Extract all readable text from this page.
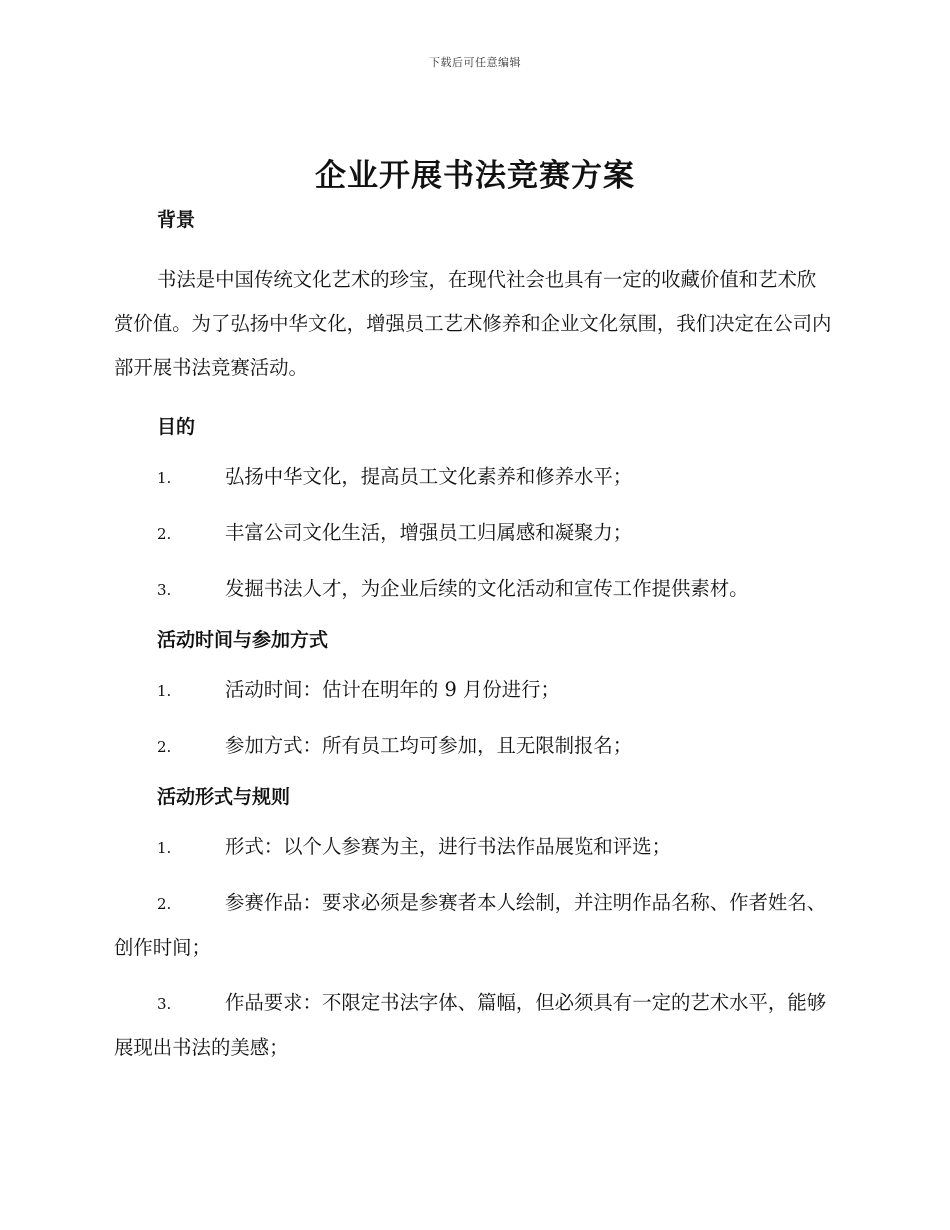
下载后可任意编辑
企业开展书法竞赛方案
背景

书法是中国传统文化艺术的珍宝，在现代社会也具有一定的收藏价值和艺术欣赏价值。为了弘扬中华文化，增强员工艺术修养和企业文化氛围，我们决定在公司内部开展书法竞赛活动。

目的

1.	弘扬中华文化，提高员工文化素养和修养水平；

2.	丰富公司文化生活，增强员工归属感和凝聚力；

3.	发掘书法人才，为企业后续的文化活动和宣传工作提供素材。

活动时间与参加方式

1.	活动时间：估计在明年的 9 月份进行；

2.	参加方式：所有员工均可参加，且无限制报名；

活动形式与规则

1.	形式：以个人参赛为主，进行书法作品展览和评选；

2.	参赛作品：要求必须是参赛者本人绘制，并注明作品名称、作者姓名、创作时间；

3.	作品要求：不限定书法字体、篇幅，但必须具有一定的艺术水平，能够展现出书法的美感；
